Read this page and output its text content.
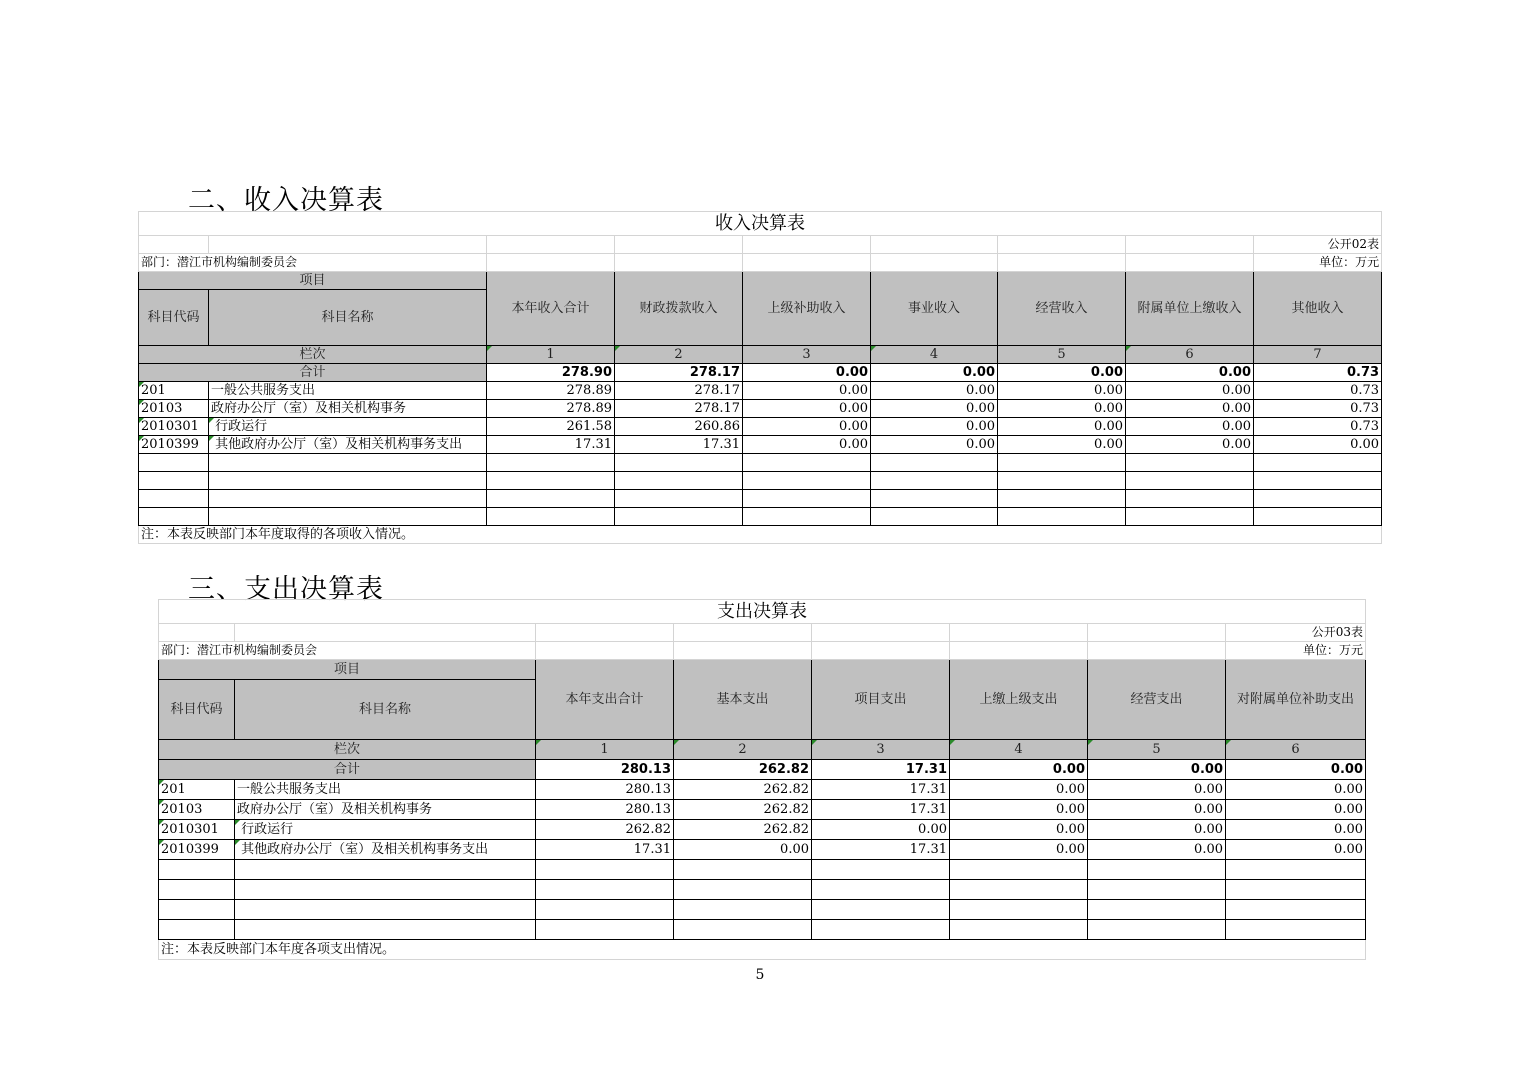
二、收入决算表
收入决算表								
								公开02表
部门：潜江市机构编制委员会								单位：万元
项目		本年收入合计	财政拨款收入	上级补助收入	事业收入	经营收入	附属单位上缴收入	其他收入
科目代码	科目名称							
栏次		1	2	3	4	5	6	7
合计		278.90	278.17	0.00	0.00	0.00	0.00	0.73
201	一般公共服务支出	278.89	278.17	0.00	0.00	0.00	0.00	0.73
20103	政府办公厅（室）及相关机构事务	278.89	278.17	0.00	0.00	0.00	0.00	0.73
2010301	行政运行	261.58	260.86	0.00	0.00	0.00	0.00	0.73
2010399	其他政府办公厅（室）及相关机构事务支出	17.31	17.31	0.00	0.00	0.00	0.00	0.00

注：本表反映部门本年度取得的各项收入情况。								
三、支出决算表
支出决算表							
							公开03表
部门：潜江市机构编制委员会							单位：万元
项目		本年支出合计	基本支出	项目支出	上缴上级支出	经营支出	对附属单位补助支出
科目代码	科目名称						
栏次		1	2	3	4	5	6
合计		280.13	262.82	17.31	0.00	0.00	0.00
201	一般公共服务支出	280.13	262.82	17.31	0.00	0.00	0.00
20103	政府办公厅（室）及相关机构事务	280.13	262.82	17.31	0.00	0.00	0.00
2010301	行政运行	262.82	262.82	0.00	0.00	0.00	0.00
2010399	其他政府办公厅（室）及相关机构事务支出	17.31	0.00	17.31	0.00	0.00	0.00

注：本表反映部门本年度各项支出情况。							
5
